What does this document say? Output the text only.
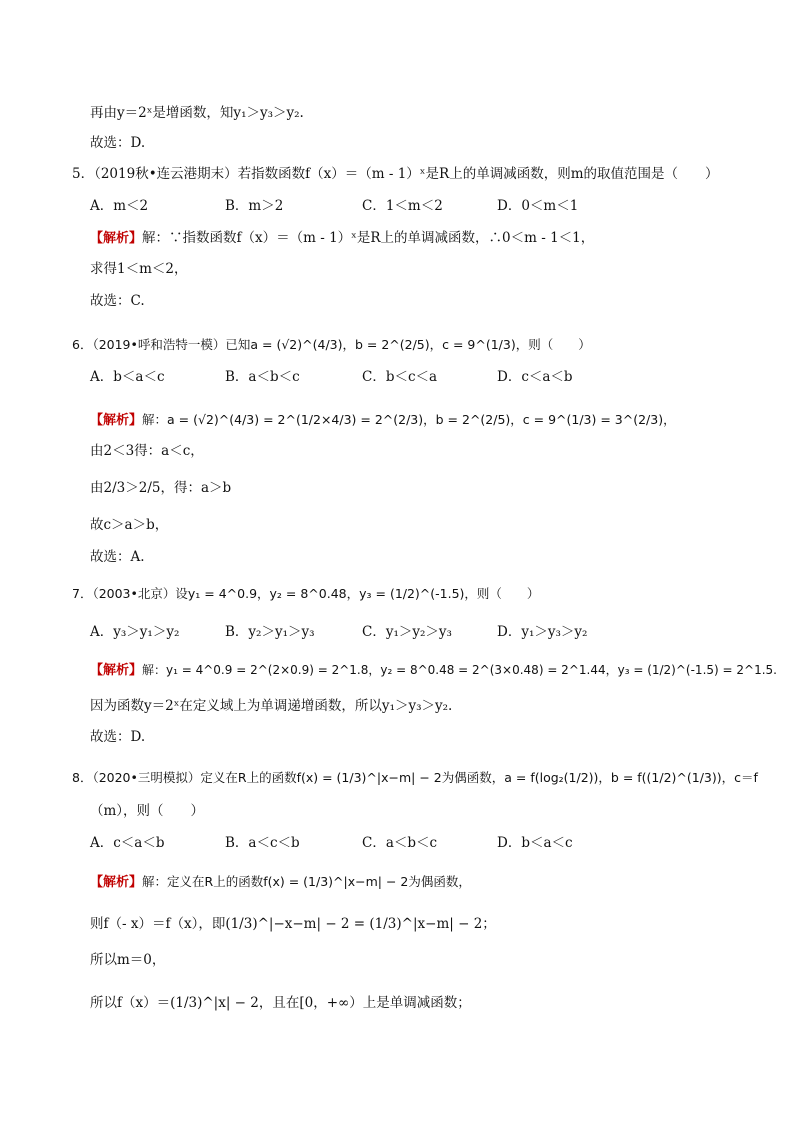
再由y＝2ˣ是增函数，知y₁＞y₃＞y₂.
故选：D.
5．（2019秋•连云港期末）若指数函数f（x）＝（m - 1）ˣ是R上的单调减函数，则m的取值范围是（　　）
A．m＜2	B．m＞2	C．1＜m＜2	D．0＜m＜1
【解析】解：∵指数函数f（x）＝（m - 1）ˣ是R上的单调减函数，∴0＜m - 1＜1，
求得1＜m＜2，
故选：C.
6．（2019•呼和浩特一模）已知a = (√2)^(4/3)，b = 2^(2/5)，c = 9^(1/3)，则（　　）
A．b＜a＜c	B．a＜b＜c	C．b＜c＜a	D．c＜a＜b
【解析】解：a = (√2)^(4/3) = 2^(1/2×4/3) = 2^(2/3)，b = 2^(2/5)，c = 9^(1/3) = 3^(2/3)，
由2＜3得：a＜c，
由2/3＞2/5，得：a＞b
故c＞a＞b，
故选：A.
7．（2003•北京）设y₁ = 4^0.9，y₂ = 8^0.48，y₃ = (1/2)^(-1.5)，则（　　）
A．y₃＞y₁＞y₂	B．y₂＞y₁＞y₃	C．y₁＞y₂＞y₃	D．y₁＞y₃＞y₂
【解析】解：y₁ = 4^0.9 = 2^(2×0.9) = 2^1.8，y₂ = 8^0.48 = 2^(3×0.48) = 2^1.44，y₃ = (1/2)^(-1.5) = 2^1.5.
因为函数y＝2ˣ在定义域上为单调递增函数，所以y₁＞y₃＞y₂.
故选：D.
8．（2020•三明模拟）定义在R上的函数f(x) = (1/3)^|x−m| − 2为偶函数，a = f(log₂(1/2))，b = f((1/2)^(1/3))，c＝f
（m），则（　　）
A．c＜a＜b	B．a＜c＜b	C．a＜b＜c	D．b＜a＜c
【解析】解：定义在R上的函数f(x) = (1/3)^|x−m| − 2为偶函数，
则f（- x）＝f（x），即(1/3)^|−x−m| − 2 = (1/3)^|x−m| − 2；
所以m＝0，
所以f（x）＝(1/3)^|x| − 2，且在[0，+∞）上是单调减函数；
